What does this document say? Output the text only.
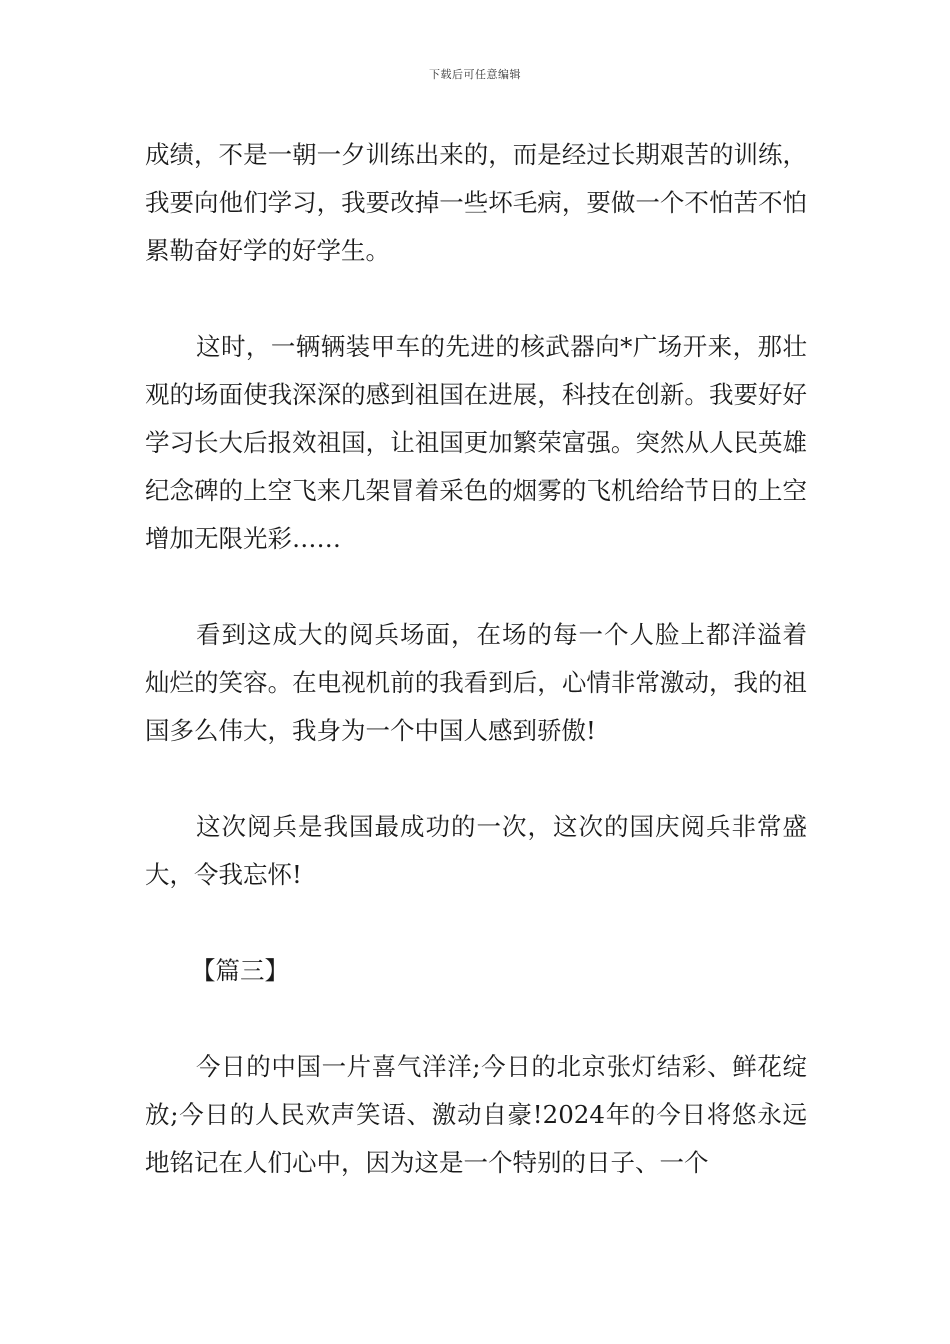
下载后可任意编辑

成绩，不是一朝一夕训练出来的，而是经过长期艰苦的训练，我要向他们学习，我要改掉一些坏毛病，要做一个不怕苦不怕累勒奋好学的好学生。

这时，一辆辆装甲车的先进的核武器向*广场开来，那壮观的场面使我深深的感到祖国在进展，科技在创新。我要好好学习长大后报效祖国，让祖国更加繁荣富强。突然从人民英雄纪念碑的上空飞来几架冒着采色的烟雾的飞机给给节日的上空增加无限光彩……

看到这成大的阅兵场面，在场的每一个人脸上都洋溢着灿烂的笑容。在电视机前的我看到后，心情非常激动，我的祖国多么伟大，我身为一个中国人感到骄傲!

这次阅兵是我国最成功的一次，这次的国庆阅兵非常盛大，令我忘怀!

【篇三】

今日的中国一片喜气洋洋;今日的北京张灯结彩、鲜花绽放;今日的人民欢声笑语、激动自豪!2024年的今日将悠永远地铭记在人们心中，因为这是一个特别的日子、一个
